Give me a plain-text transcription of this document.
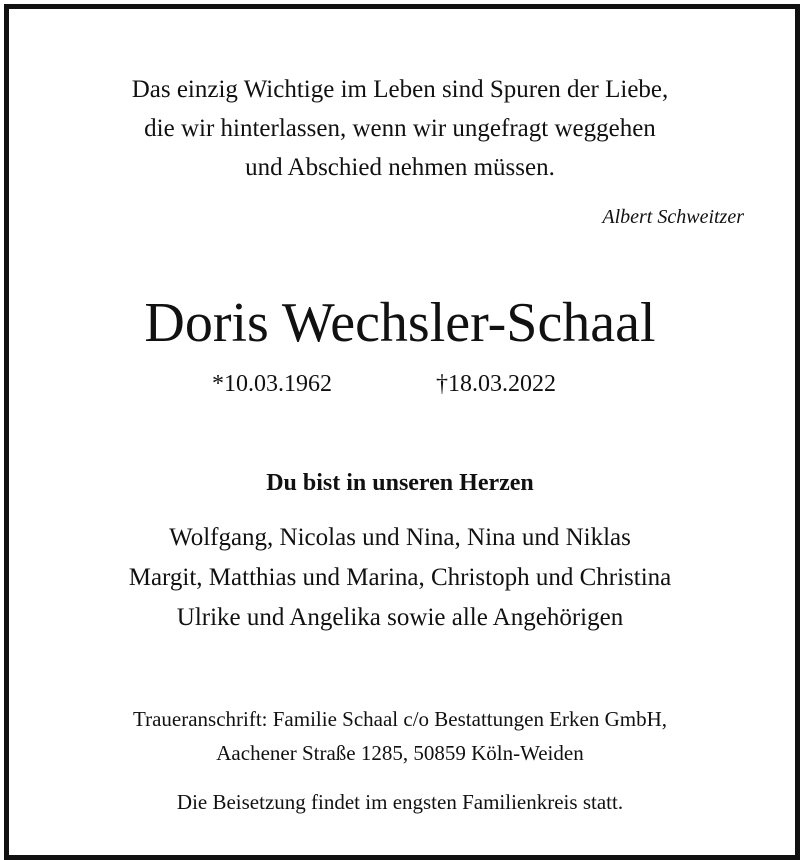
Das einzig Wichtige im Leben sind Spuren der Liebe,
die wir hinterlassen, wenn wir ungefragt weggehen
und Abschied nehmen müssen.
Albert Schweitzer
Doris Wechsler-Schaal
*10.03.1962	†18.03.2022
Du bist in unseren Herzen
Wolfgang, Nicolas und Nina, Nina und Niklas
Margit, Matthias und Marina, Christoph und Christina
Ulrike und Angelika sowie alle Angehörigen
Traueranschrift: Familie Schaal c/o Bestattungen Erken GmbH,
Aachener Straße 1285, 50859 Köln-Weiden
Die Beisetzung findet im engsten Familienkreis statt.
